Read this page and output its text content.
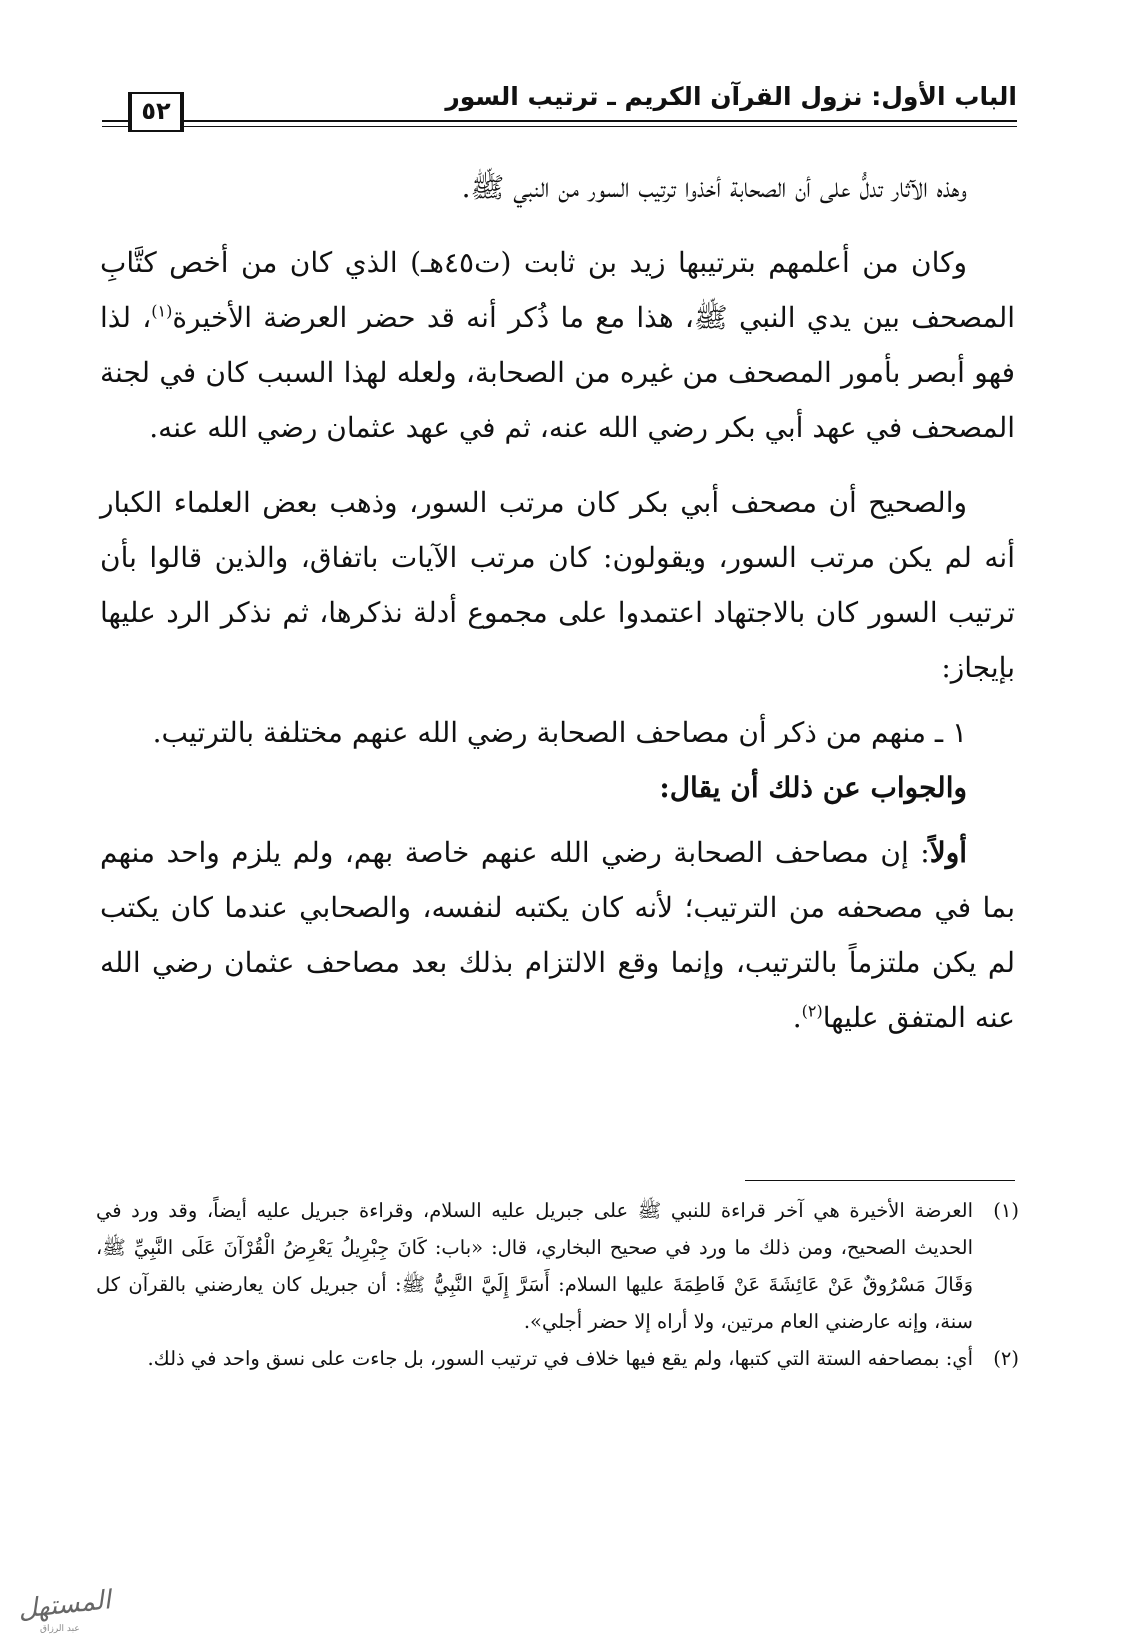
الباب الأول: نزول القرآن الكريم ـ ترتيب السور
٥٢

وهذه الآثار تدلُّ على أن الصحابة أخذوا ترتيب السور من النبي ﷺ.

وكان من أعلمهم بترتيبها زيد بن ثابت (ت٤٥هـ) الذي كان من أخص كتَّابِ المصحف بين يدي النبي ﷺ، هذا مع ما ذُكر أنه قد حضر العرضة الأخيرة$^{(١)}$، لذا فهو أبصر بأمور المصحف من غيره من الصحابة، ولعله لهذا السبب كان في لجنة المصحف في عهد أبي بكر رضي الله عنه، ثم في عهد عثمان رضي الله عنه.

والصحيح أن مصحف أبي بكر كان مرتب السور، وذهب بعض العلماء الكبار أنه لم يكن مرتب السور، ويقولون: كان مرتب الآيات باتفاق، والذين قالوا بأن ترتيب السور كان بالاجتهاد اعتمدوا على مجموع أدلة نذكرها، ثم نذكر الرد عليها بإيجاز:

١ ـ منهم من ذكر أن مصاحف الصحابة رضي الله عنهم مختلفة بالترتيب.

والجواب عن ذلك أن يقال:

أولاً: إن مصاحف الصحابة رضي الله عنهم خاصة بهم، ولم يلزم واحد منهم بما في مصحفه من الترتيب؛ لأنه كان يكتبه لنفسه، والصحابي عندما كان يكتب لم يكن ملتزماً بالترتيب، وإنما وقع الالتزام بذلك بعد مصاحف عثمان رضي الله عنه المتفق عليها$^{(٢)}$.

(١)
العرضة الأخيرة هي آخر قراءة للنبي ﷺ على جبريل عليه السلام، وقراءة جبريل عليه أيضاً، وقد ورد في الحديث الصحيح، ومن ذلك ما ورد في صحيح البخاري، قال: «باب: كَانَ جِبْرِيلُ يَعْرِضُ الْقُرْآنَ عَلَى النَّبِيِّ ﷺ، وَقَالَ مَسْرُوقٌ عَنْ عَائِشَةَ عَنْ فَاطِمَةَ عليها السلام: أَسَرَّ إِلَيَّ النَّبِيُّ ﷺ: أن جبريل كان يعارضني بالقرآن كل سنة، وإنه عارضني العام مرتين، ولا أراه إلا حضر أجلي».
(٢)
أي: بمصاحفه الستة التي كتبها، ولم يقع فيها خلاف في ترتيب السور، بل جاءت على نسق واحد في ذلك.
المستهل
عبد الرزاق
